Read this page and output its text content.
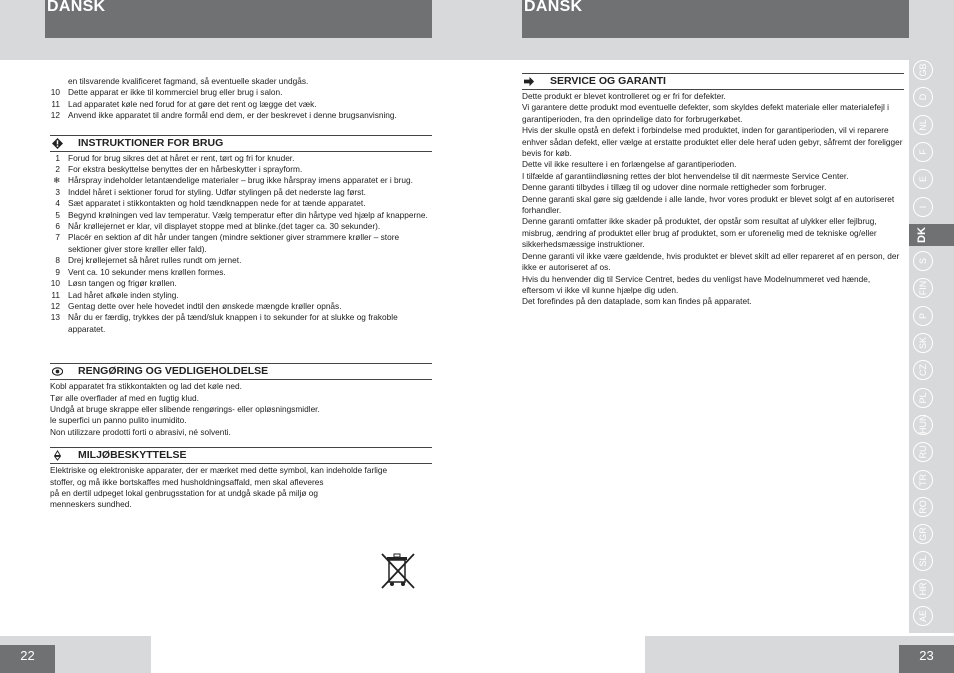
DANSK	DANSK
en tilsvarende kvalificeret fagmand, så eventuelle skader undgås.
10 Dette apparat er ikke til kommerciel brug eller brug i salon.
11 Lad apparatet køle ned forud for at gøre det rent og lægge det væk.
12 Anvend ikke apparatet til andre formål end dem, er der beskrevet i denne brugsanvisning.
INSTRUKTIONER FOR BRUG
1 Forud for brug sikres det at håret er rent, tørt og fri for knuder.
2 For ekstra beskyttelse benyttes der en hårbeskytter i sprayform.
❄ Hårspray indeholder letantændelige materialer – brug ikke hårspray imens apparatet er i brug.
3 Inddel håret i sektioner forud for styling. Udfør stylingen på det nederste lag først.
4 Sæt apparatet i stikkontakten og hold tændknappen nede for at tænde apparatet.
5 Begynd krølningen ved lav temperatur. Vælg temperatur efter din hårtype ved hjælp af knapperne.
6 Når krøllejernet er klar, vil displayet stoppe med at blinke.(det tager ca. 30 sekunder).
7 Placér en sektion af dit hår under tangen (mindre sektioner giver strammere krøller – store sektioner giver store krøller eller fald).
8 Drej krøllejernet så håret rulles rundt om jernet.
9 Vent ca. 10 sekunder mens krøllen formes.
10 Løsn tangen og frigør krøllen.
11 Lad håret afkøle inden styling.
12 Gentag dette over hele hovedet indtil den ønskede mængde krøller opnås.
13 Når du er færdig, trykkes der på tænd/sluk knappen i to sekunder for at slukke og frakoble apparatet.
RENGØRING OG VEDLIGEHOLDELSE

Kobl apparatet fra stikkontakten og lad det køle ned.

Tør alle overflader af med en fugtig klud.

Undgå at bruge skrappe eller slibende rengørings- eller opløsningsmidler.

le superfici un panno pulito inumidito.

Non utilizzare prodotti forti o abrasivi, né solventi.

MILJØBESKYTTELSE

Elektriske og elektroniske apparater, der er mærket med dette symbol, kan indeholde farlige

stoffer, og må ikke bortskaffes med husholdningsaffald, men skal afleveres

på en dertil udpeget lokal genbrugsstation for at undgå skade på miljø og

menneskers sundhed.

SERVICE OG GARANTI

Dette produkt er blevet kontrolleret og er fri for defekter.

Vi garantere dette produkt mod eventuelle defekter, som skyldes defekt materiale eller materialefejl i garantiperioden, fra den oprindelige dato for forbrugerkøbet.

Hvis der skulle opstå en defekt i forbindelse med produktet, inden for garantiperioden, vil vi reparere enhver sådan defekt, eller vælge at erstatte produktet eller dele heraf uden gebyr, såfremt der foreligger bevis for køb.

Dette vil ikke resultere i en forlængelse af garantiperioden.

I tilfælde af garantiindløsning rettes der blot henvendelse til dit nærmeste Service Center.

Denne garanti tilbydes i tillæg til og udover dine normale rettigheder som forbruger.

Denne garanti skal gøre sig gældende i alle lande, hvor vores produkt er blevet solgt af en autoriseret forhandler.

Denne garanti omfatter ikke skader på produktet, der opstår som resultat af ulykker eller fejlbrug, misbrug, ændring af produktet eller brug af produktet, som er uforenelig med de tekniske og/eller sikkerhedsmæssige instruktioner.

Denne garanti vil ikke være gældende, hvis produktet er blevet skilt ad eller repareret af en person, der ikke er autoriseret af os.

Hvis du henvender dig til Service Centret, bedes du venligst have Modelnummeret ved hænde, eftersom vi ikke vil kunne hjælpe dig uden.

Det forefindes på den dataplade, som kan findes på apparatet.

GB
D
NL
F
E
I
DK
S
FIN
P
SK
CZ
PL
HUN
RU
TR
RO
GR
SL
HR
AE
22	23
